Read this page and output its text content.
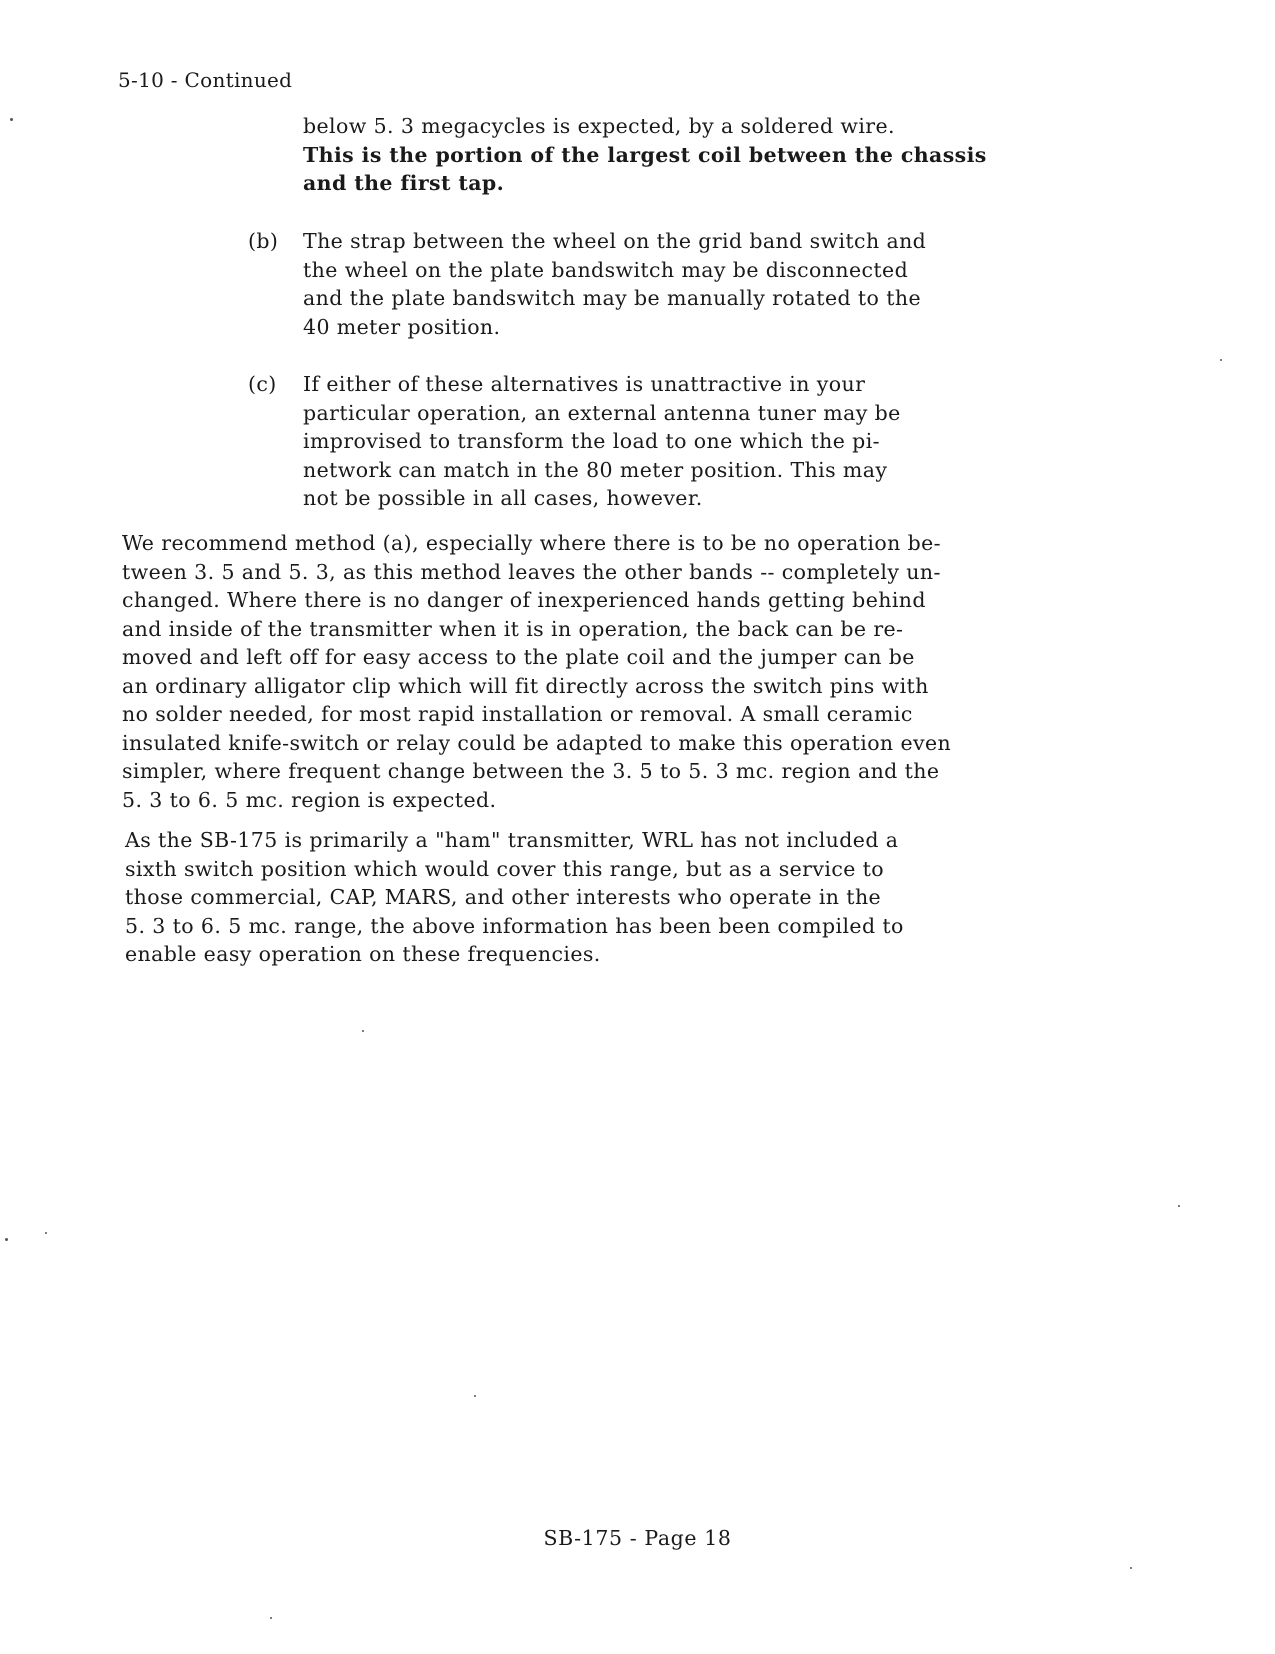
5-10 - Continued
below 5. 3 megacycles is expected, by a soldered wire.
This is the portion of the largest coil between the chassis
and the first tap.
(b) The strap between the wheel on the grid band switch and
the wheel on the plate bandswitch may be disconnected
and the plate bandswitch may be manually rotated to the
40 meter position.
(c) If either of these alternatives is unattractive in your
particular operation, an external antenna tuner may be
improvised to transform the load to one which the pi-
network can match in the 80 meter position. This may
not be possible in all cases, however.
We recommend method (a), especially where there is to be no operation be-
tween 3. 5 and 5. 3, as this method leaves the other bands -- completely un-
changed. Where there is no danger of inexperienced hands getting behind
and inside of the transmitter when it is in operation, the back can be re-
moved and left off for easy access to the plate coil and the jumper can be
an ordinary alligator clip which will fit directly across the switch pins with
no solder needed, for most rapid installation or removal. A small ceramic
insulated knife-switch or relay could be adapted to make this operation even
simpler, where frequent change between the 3. 5 to 5. 3 mc. region and the
5. 3 to 6. 5 mc. region is expected.
As the SB-175 is primarily a "ham" transmitter, WRL has not included a
sixth switch position which would cover this range, but as a service to
those commercial, CAP, MARS, and other interests who operate in the
5. 3 to 6. 5 mc. range, the above information has been been compiled to
enable easy operation on these frequencies.
SB-175 - Page 18
